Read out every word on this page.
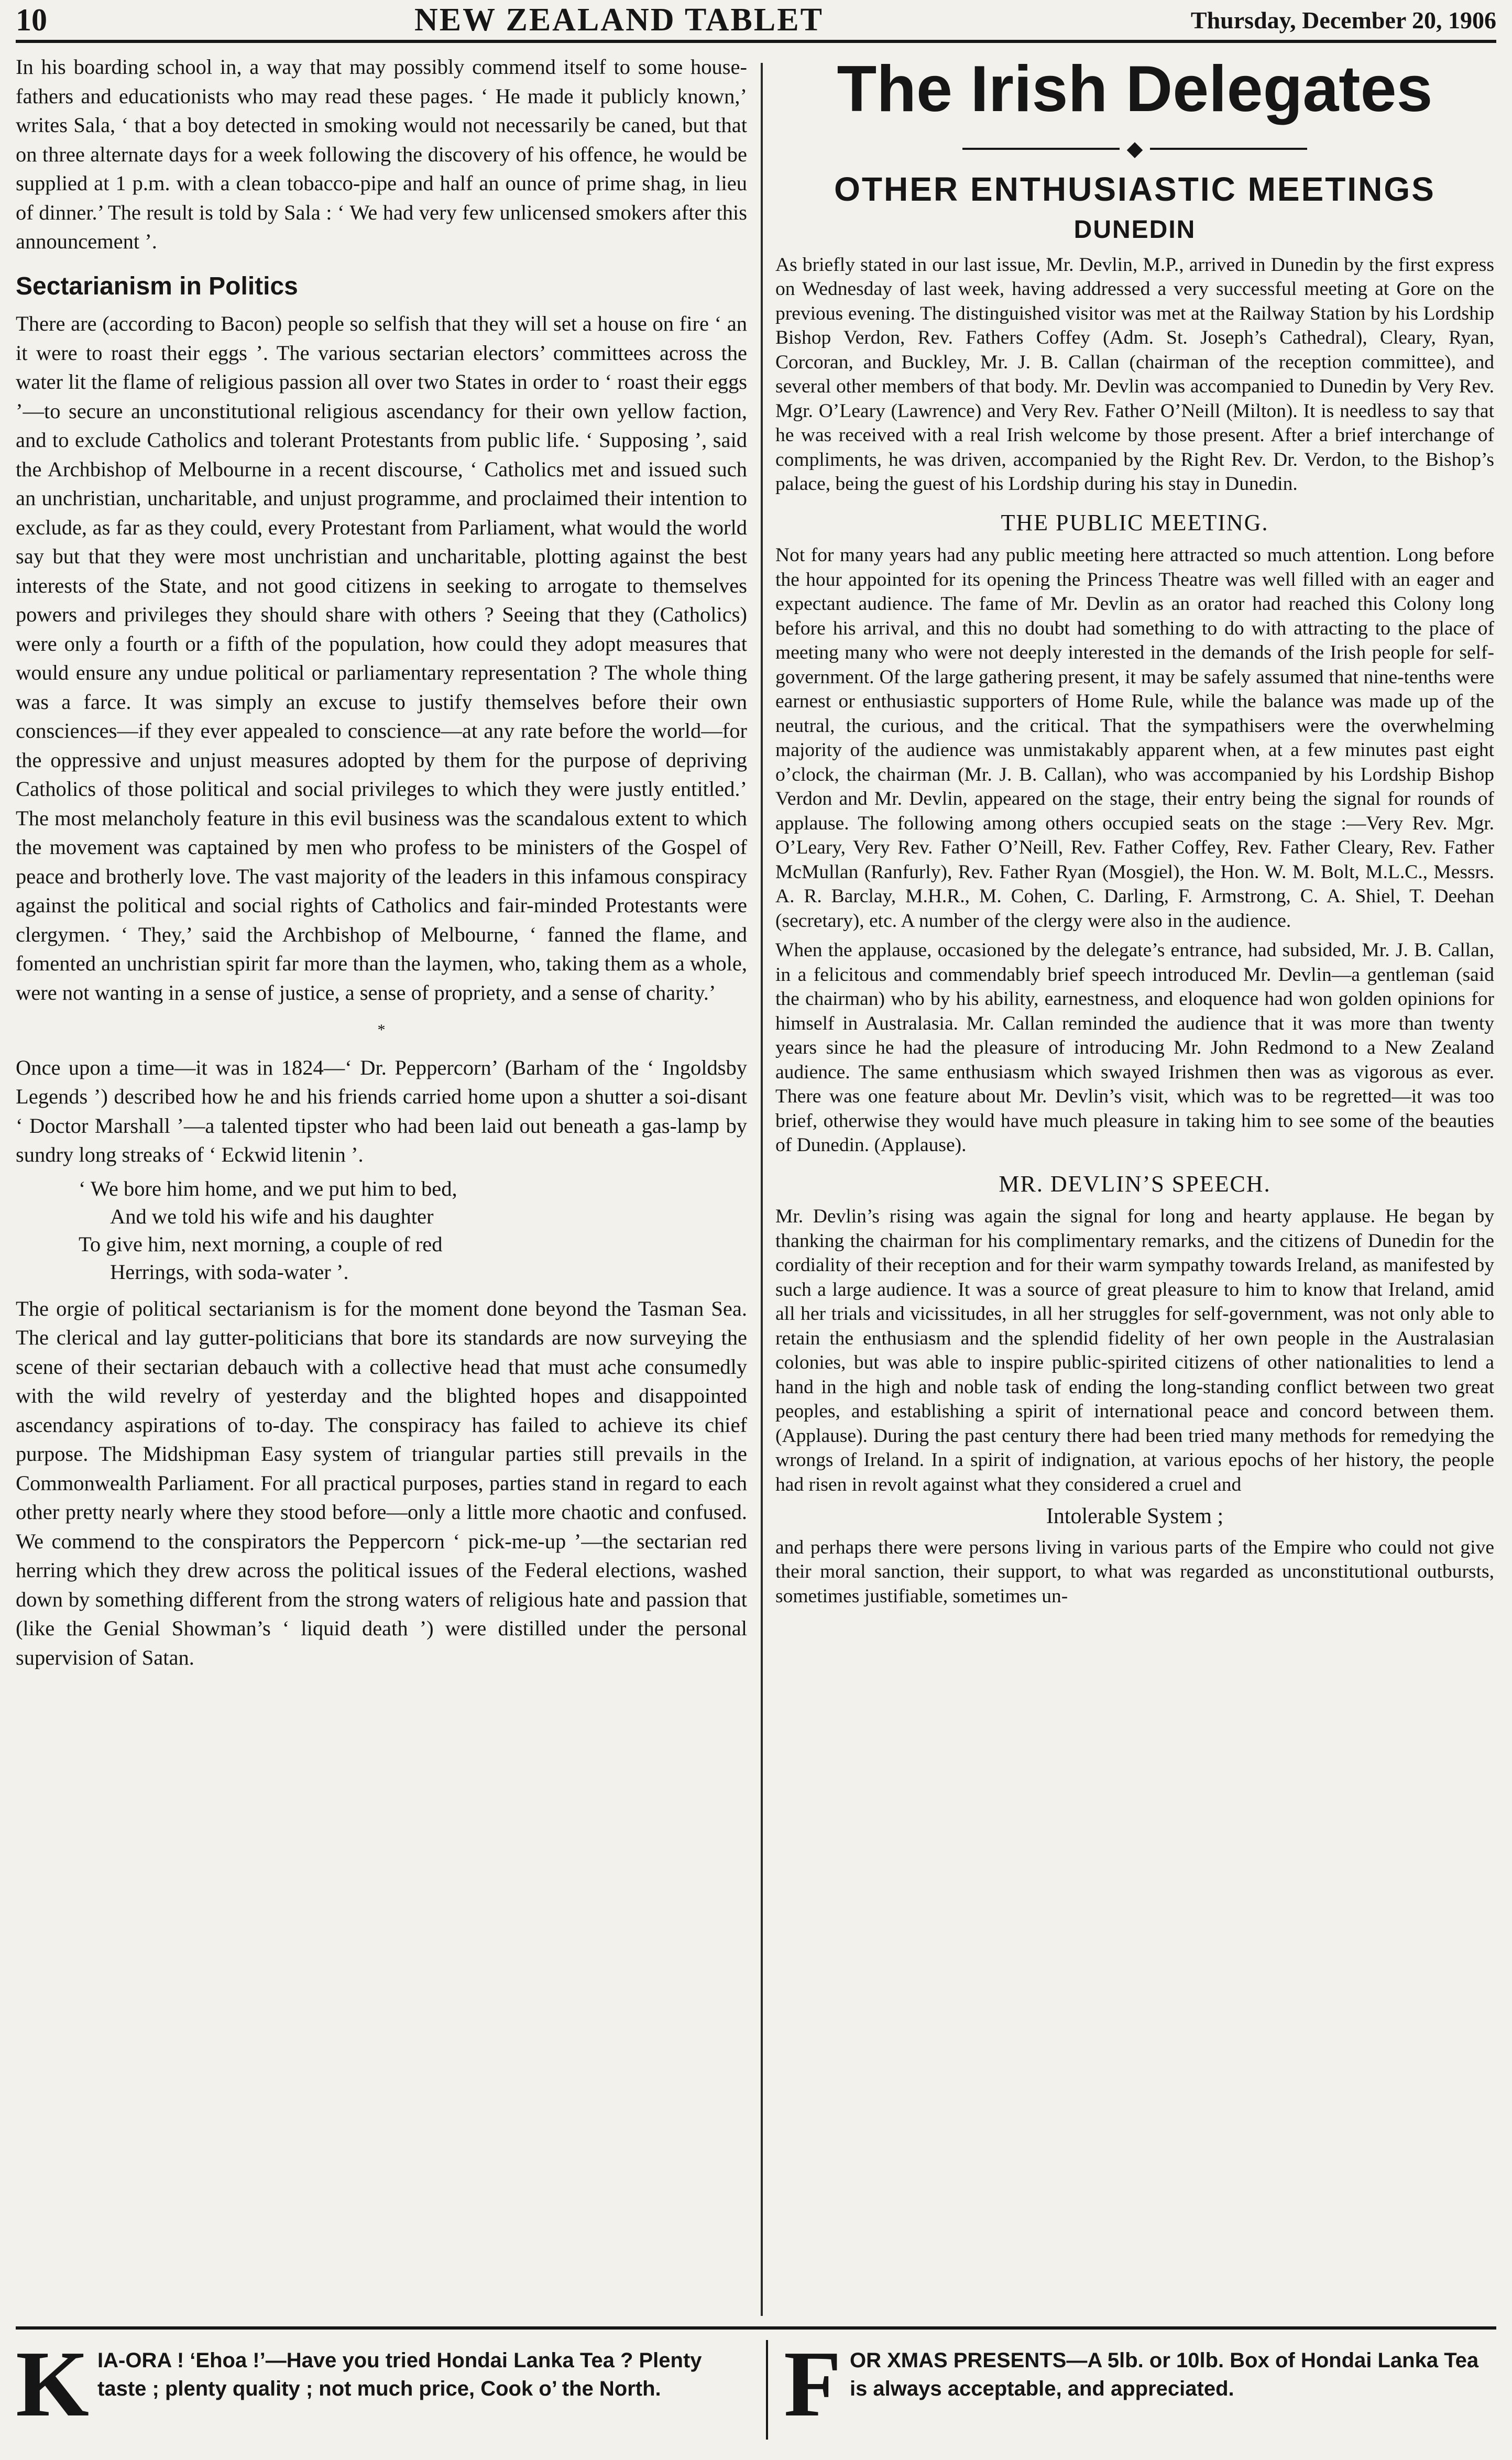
10	NEW ZEALAND TABLET	Thursday, December 20, 1906

In his boarding school in, a way that may possibly commend itself to some house-fathers and educationists who may read these pages. ‘ He made it publicly known,’ writes Sala, ‘ that a boy detected in smoking would not necessarily be caned, but that on three alternate days for a week following the discovery of his offence, he would be supplied at 1 p.m. with a clean tobacco-pipe and half an ounce of prime shag, in lieu of dinner.’ The result is told by Sala : ‘ We had very few unlicensed smokers after this announcement ’.

Sectarianism in Politics

There are (according to Bacon) people so selfish that they will set a house on fire ‘ an it were to roast their eggs ’. The various sectarian electors’ committees across the water lit the flame of religious passion all over two States in order to ‘ roast their eggs ’—to secure an unconstitutional religious ascendancy for their own yellow faction, and to exclude Catholics and tolerant Protestants from public life. ‘ Supposing ’, said the Archbishop of Melbourne in a recent discourse, ‘ Catholics met and issued such an unchristian, uncharitable, and unjust programme, and proclaimed their intention to exclude, as far as they could, every Protestant from Parliament, what would the world say but that they were most unchristian and uncharitable, plotting against the best interests of the State, and not good citizens in seeking to arrogate to themselves powers and privileges they should share with others ? Seeing that they (Catholics) were only a fourth or a fifth of the population, how could they adopt measures that would ensure any undue political or parliamentary representation ? The whole thing was a farce. It was simply an excuse to justify themselves before their own consciences—if they ever appealed to conscience—at any rate before the world—for the oppressive and unjust measures adopted by them for the purpose of depriving Catholics of those political and social privileges to which they were justly entitled.’ The most melancholy feature in this evil business was the scandalous extent to which the movement was captained by men who profess to be ministers of the Gospel of peace and brotherly love. The vast majority of the leaders in this infamous conspiracy against the political and social rights of Catholics and fair-minded Protestants were clergymen. ‘ They,’ said the Archbishop of Melbourne, ‘ fanned the flame, and fomented an unchristian spirit far more than the laymen, who, taking them as a whole, were not wanting in a sense of justice, a sense of propriety, and a sense of charity.’

*

Once upon a time—it was in 1824—‘ Dr. Peppercorn’ (Barham of the ‘ Ingoldsby Legends ’) described how he and his friends carried home upon a shutter a soi-disant ‘ Doctor Marshall ’—a talented tipster who had been laid out beneath a gas-lamp by sundry long streaks of ‘ Eckwid litenin ’.

‘ We bore him home, and we put him to bed,
And we told his wife and his daughter
To give him, next morning, a couple of red
Herrings, with soda-water ’.

The orgie of political sectarianism is for the moment done beyond the Tasman Sea. The clerical and lay gutter-politicians that bore its standards are now surveying the scene of their sectarian debauch with a collective head that must ache consumedly with the wild revelry of yesterday and the blighted hopes and disappointed ascendancy aspirations of to-day. The conspiracy has failed to achieve its chief purpose. The Midshipman Easy system of triangular parties still prevails in the Commonwealth Parliament. For all practical purposes, parties stand in regard to each other pretty nearly where they stood before—only a little more chaotic and confused. We commend to the conspirators the Peppercorn ‘ pick-me-up ’—the sectarian red herring which they drew across the political issues of the Federal elections, washed down by something different from the strong waters of religious hate and passion that (like the Genial Showman’s ‘ liquid death ’) were distilled under the personal supervision of Satan.

The Irish Delegates
◆
OTHER ENTHUSIASTIC MEETINGS
DUNEDIN

As briefly stated in our last issue, Mr. Devlin, M.P., arrived in Dunedin by the first express on Wednesday of last week, having addressed a very successful meeting at Gore on the previous evening. The distinguished visitor was met at the Railway Station by his Lordship Bishop Verdon, Rev. Fathers Coffey (Adm. St. Joseph’s Cathedral), Cleary, Ryan, Corcoran, and Buckley, Mr. J. B. Callan (chairman of the reception committee), and several other members of that body. Mr. Devlin was accompanied to Dunedin by Very Rev. Mgr. O’Leary (Lawrence) and Very Rev. Father O’Neill (Milton). It is needless to say that he was received with a real Irish welcome by those present. After a brief interchange of compliments, he was driven, accompanied by the Right Rev. Dr. Verdon, to the Bishop’s palace, being the guest of his Lordship during his stay in Dunedin.

THE PUBLIC MEETING.

Not for many years had any public meeting here attracted so much attention. Long before the hour appointed for its opening the Princess Theatre was well filled with an eager and expectant audience. The fame of Mr. Devlin as an orator had reached this Colony long before his arrival, and this no doubt had something to do with attracting to the place of meeting many who were not deeply interested in the demands of the Irish people for self-government. Of the large gathering present, it may be safely assumed that nine-tenths were earnest or enthusiastic supporters of Home Rule, while the balance was made up of the neutral, the curious, and the critical. That the sympathisers were the overwhelming majority of the audience was unmistakably apparent when, at a few minutes past eight o’clock, the chairman (Mr. J. B. Callan), who was accompanied by his Lordship Bishop Verdon and Mr. Devlin, appeared on the stage, their entry being the signal for rounds of applause. The following among others occupied seats on the stage :—Very Rev. Mgr. O’Leary, Very Rev. Father O’Neill, Rev. Father Coffey, Rev. Father Cleary, Rev. Father McMullan (Ranfurly), Rev. Father Ryan (Mosgiel), the Hon. W. M. Bolt, M.L.C., Messrs. A. R. Barclay, M.H.R., M. Cohen, C. Darling, F. Armstrong, C. A. Shiel, T. Deehan (secretary), etc. A number of the clergy were also in the audience.

When the applause, occasioned by the delegate’s entrance, had subsided, Mr. J. B. Callan, in a felicitous and commendably brief speech introduced Mr. Devlin—a gentleman (said the chairman) who by his ability, earnestness, and eloquence had won golden opinions for himself in Australasia. Mr. Callan reminded the audience that it was more than twenty years since he had the pleasure of introducing Mr. John Redmond to a New Zealand audience. The same enthusiasm which swayed Irishmen then was as vigorous as ever. There was one feature about Mr. Devlin’s visit, which was to be regretted—it was too brief, otherwise they would have much pleasure in taking him to see some of the beauties of Dunedin. (Applause).

MR. DEVLIN’S SPEECH.

Mr. Devlin’s rising was again the signal for long and hearty applause. He began by thanking the chairman for his complimentary remarks, and the citizens of Dunedin for the cordiality of their reception and for their warm sympathy towards Ireland, as manifested by such a large audience. It was a source of great pleasure to him to know that Ireland, amid all her trials and vicissitudes, in all her struggles for self-government, was not only able to retain the enthusiasm and the splendid fidelity of her own people in the Australasian colonies, but was able to inspire public-spirited citizens of other nationalities to lend a hand in the high and noble task of ending the long-standing conflict between two great peoples, and establishing a spirit of international peace and concord between them. (Applause). During the past century there had been tried many methods for remedying the wrongs of Ireland. In a spirit of indignation, at various epochs of her history, the people had risen in revolt against what they considered a cruel and

Intolerable System ;

and perhaps there were persons living in various parts of the Empire who could not give their moral sanction, their support, to what was regarded as unconstitutional outbursts, sometimes justifiable, sometimes un-

K IA-ORA ! ‘Ehoa !’—Have you tried Hondai Lanka Tea ? Plenty taste ; plenty quality ; not much price, Cook o’ the North.	F OR XMAS PRESENTS—A 5lb. or 10lb. Box of Hondai Lanka Tea is always acceptable, and appreciated.
